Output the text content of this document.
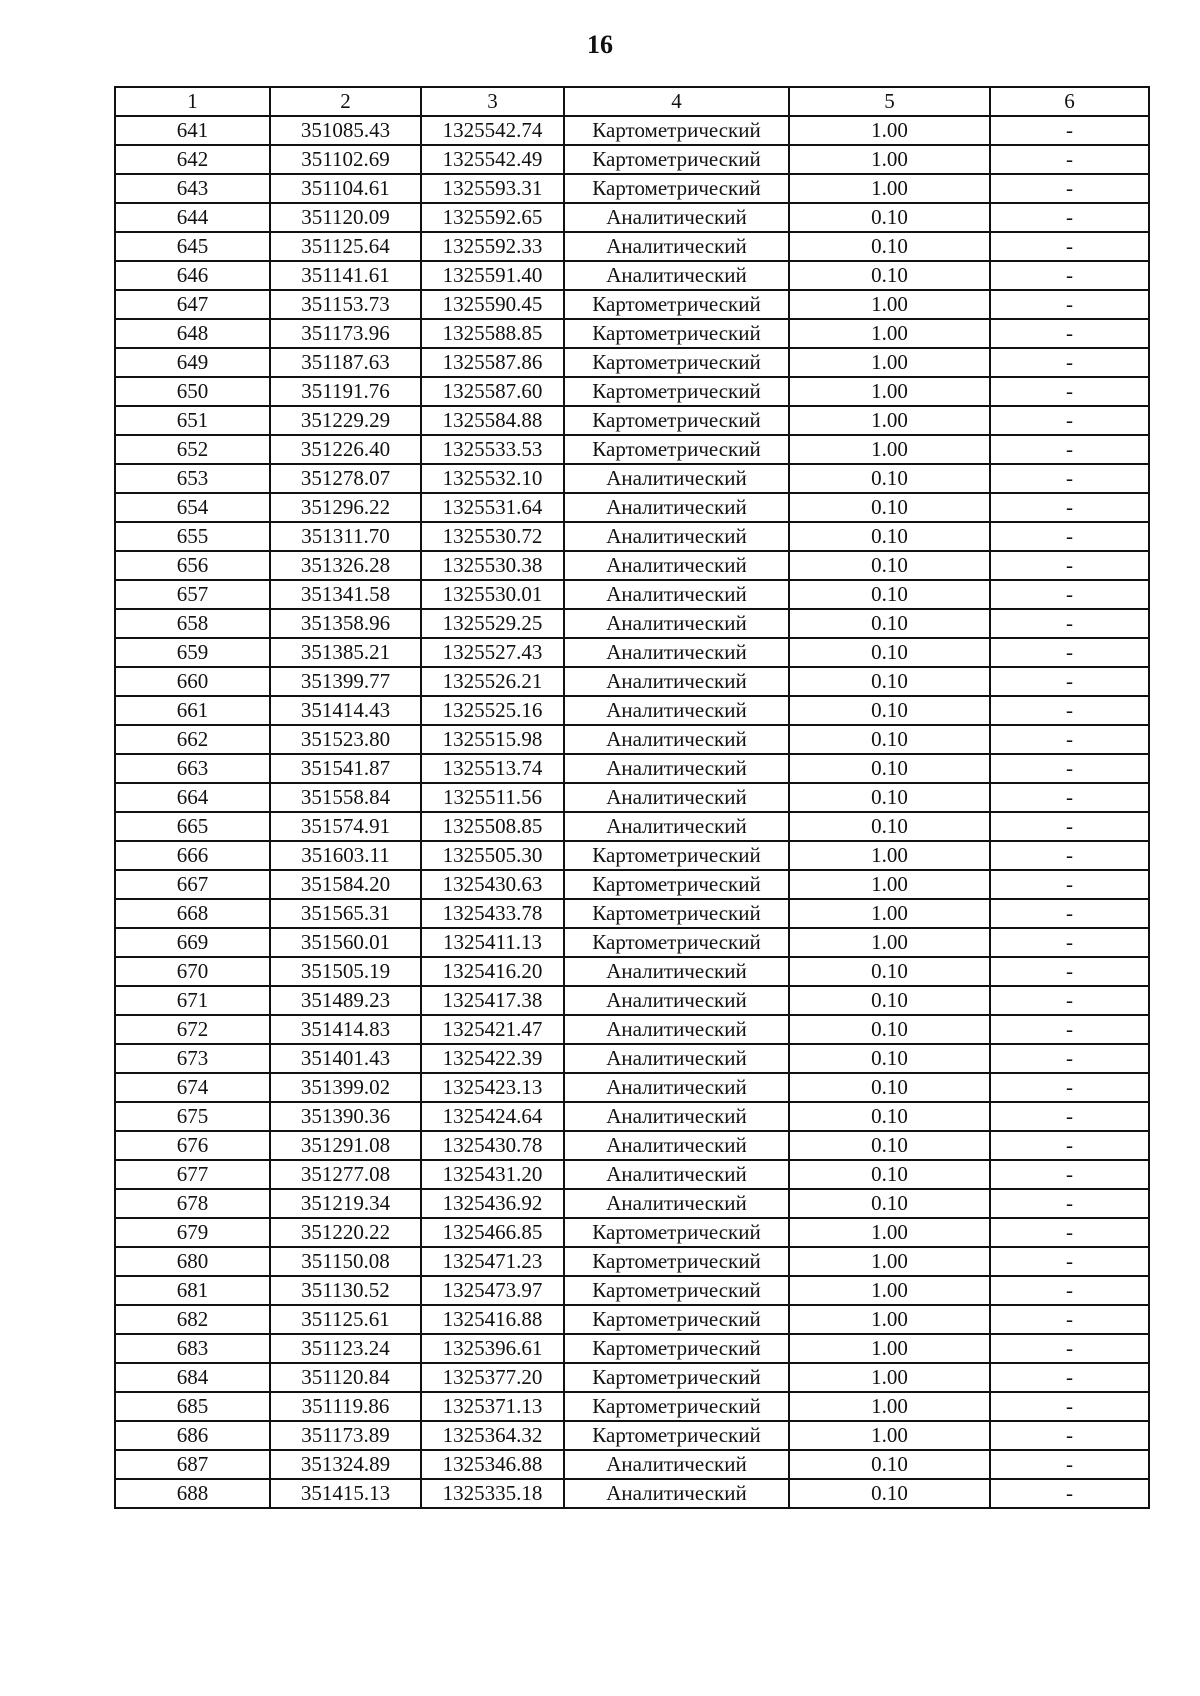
16
1	2	3	4	5	6
641	351085.43	1325542.74	Картометрический	1.00	-
642	351102.69	1325542.49	Картометрический	1.00	-
643	351104.61	1325593.31	Картометрический	1.00	-
644	351120.09	1325592.65	Аналитический	0.10	-
645	351125.64	1325592.33	Аналитический	0.10	-
646	351141.61	1325591.40	Аналитический	0.10	-
647	351153.73	1325590.45	Картометрический	1.00	-
648	351173.96	1325588.85	Картометрический	1.00	-
649	351187.63	1325587.86	Картометрический	1.00	-
650	351191.76	1325587.60	Картометрический	1.00	-
651	351229.29	1325584.88	Картометрический	1.00	-
652	351226.40	1325533.53	Картометрический	1.00	-
653	351278.07	1325532.10	Аналитический	0.10	-
654	351296.22	1325531.64	Аналитический	0.10	-
655	351311.70	1325530.72	Аналитический	0.10	-
656	351326.28	1325530.38	Аналитический	0.10	-
657	351341.58	1325530.01	Аналитический	0.10	-
658	351358.96	1325529.25	Аналитический	0.10	-
659	351385.21	1325527.43	Аналитический	0.10	-
660	351399.77	1325526.21	Аналитический	0.10	-
661	351414.43	1325525.16	Аналитический	0.10	-
662	351523.80	1325515.98	Аналитический	0.10	-
663	351541.87	1325513.74	Аналитический	0.10	-
664	351558.84	1325511.56	Аналитический	0.10	-
665	351574.91	1325508.85	Аналитический	0.10	-
666	351603.11	1325505.30	Картометрический	1.00	-
667	351584.20	1325430.63	Картометрический	1.00	-
668	351565.31	1325433.78	Картометрический	1.00	-
669	351560.01	1325411.13	Картометрический	1.00	-
670	351505.19	1325416.20	Аналитический	0.10	-
671	351489.23	1325417.38	Аналитический	0.10	-
672	351414.83	1325421.47	Аналитический	0.10	-
673	351401.43	1325422.39	Аналитический	0.10	-
674	351399.02	1325423.13	Аналитический	0.10	-
675	351390.36	1325424.64	Аналитический	0.10	-
676	351291.08	1325430.78	Аналитический	0.10	-
677	351277.08	1325431.20	Аналитический	0.10	-
678	351219.34	1325436.92	Аналитический	0.10	-
679	351220.22	1325466.85	Картометрический	1.00	-
680	351150.08	1325471.23	Картометрический	1.00	-
681	351130.52	1325473.97	Картометрический	1.00	-
682	351125.61	1325416.88	Картометрический	1.00	-
683	351123.24	1325396.61	Картометрический	1.00	-
684	351120.84	1325377.20	Картометрический	1.00	-
685	351119.86	1325371.13	Картометрический	1.00	-
686	351173.89	1325364.32	Картометрический	1.00	-
687	351324.89	1325346.88	Аналитический	0.10	-
688	351415.13	1325335.18	Аналитический	0.10	-
